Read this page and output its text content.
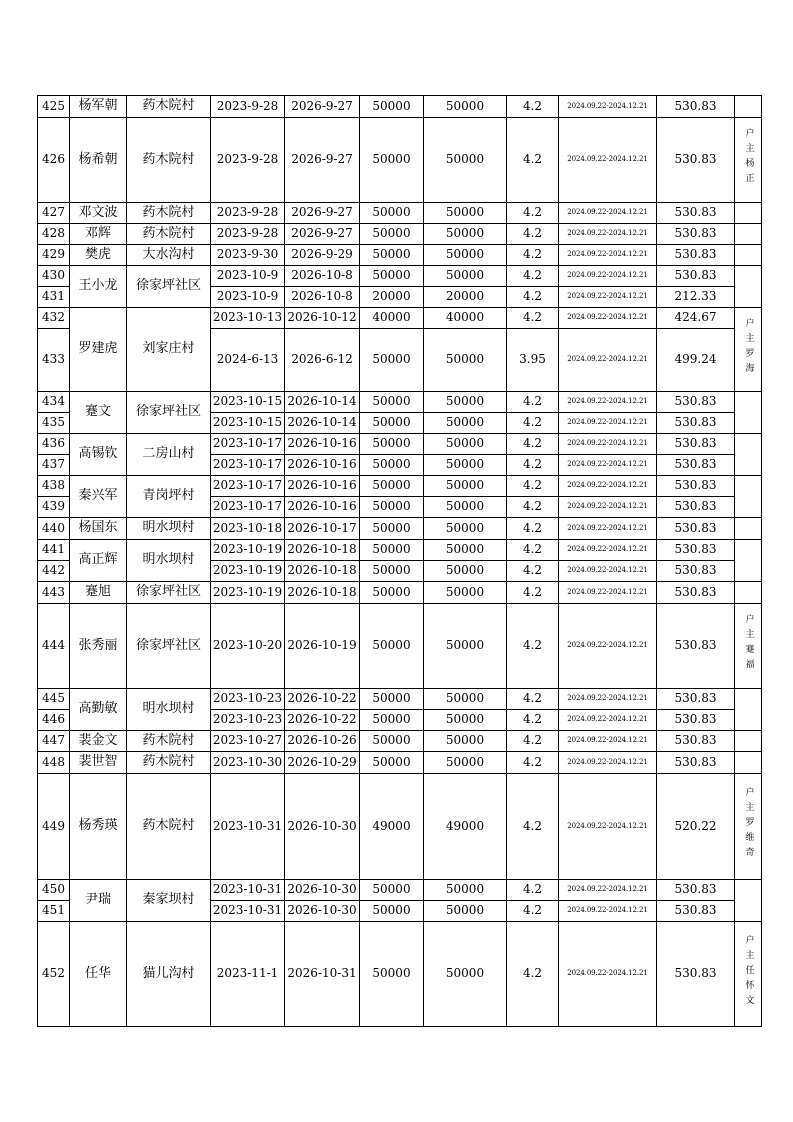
425	杨军朝	药木院村	2023-9-28	2026-9-27	50000	50000	4.2	2024.09.22-2024.12.21	530.83	
426	杨希朝	药木院村	2023-9-28	2026-9-27	50000	50000	4.2	2024.09.22-2024.12.21	530.83	户主杨正
427	邓文波	药木院村	2023-9-28	2026-9-27	50000	50000	4.2	2024.09.22-2024.12.21	530.83	
428	邓辉	药木院村	2023-9-28	2026-9-27	50000	50000	4.2	2024.09.22-2024.12.21	530.83	
429	樊虎	大水沟村	2023-9-30	2026-9-29	50000	50000	4.2	2024.09.22-2024.12.21	530.83	
430	王小龙	徐家坪社区	2023-10-9	2026-10-8	50000	50000	4.2	2024.09.22-2024.12.21	530.83	
431			2023-10-9	2026-10-8	20000	20000	4.2	2024.09.22-2024.12.21	212.33	
432	罗建虎	刘家庄村	2023-10-13	2026-10-12	40000	40000	4.2	2024.09.22-2024.12.21	424.67	户主罗海
433			2024-6-13	2026-6-12	50000	50000	3.95	2024.09.22-2024.12.21	499.24	
434	蹇文	徐家坪社区	2023-10-15	2026-10-14	50000	50000	4.2	2024.09.22-2024.12.21	530.83	
435			2023-10-15	2026-10-14	50000	50000	4.2	2024.09.22-2024.12.21	530.83	
436	高锡钦	二房山村	2023-10-17	2026-10-16	50000	50000	4.2	2024.09.22-2024.12.21	530.83	
437			2023-10-17	2026-10-16	50000	50000	4.2	2024.09.22-2024.12.21	530.83	
438	秦兴军	青岗坪村	2023-10-17	2026-10-16	50000	50000	4.2	2024.09.22-2024.12.21	530.83	
439			2023-10-17	2026-10-16	50000	50000	4.2	2024.09.22-2024.12.21	530.83	
440	杨国东	明水坝村	2023-10-18	2026-10-17	50000	50000	4.2	2024.09.22-2024.12.21	530.83	
441	高正辉	明水坝村	2023-10-19	2026-10-18	50000	50000	4.2	2024.09.22-2024.12.21	530.83	
442			2023-10-19	2026-10-18	50000	50000	4.2	2024.09.22-2024.12.21	530.83	
443	蹇旭	徐家坪社区	2023-10-19	2026-10-18	50000	50000	4.2	2024.09.22-2024.12.21	530.83	
444	张秀丽	徐家坪社区	2023-10-20	2026-10-19	50000	50000	4.2	2024.09.22-2024.12.21	530.83	户主蹇福
445	高勤敏	明水坝村	2023-10-23	2026-10-22	50000	50000	4.2	2024.09.22-2024.12.21	530.83	
446			2023-10-23	2026-10-22	50000	50000	4.2	2024.09.22-2024.12.21	530.83	
447	裴金文	药木院村	2023-10-27	2026-10-26	50000	50000	4.2	2024.09.22-2024.12.21	530.83	
448	裴世智	药木院村	2023-10-30	2026-10-29	50000	50000	4.2	2024.09.22-2024.12.21	530.83	
449	杨秀瑛	药木院村	2023-10-31	2026-10-30	49000	49000	4.2	2024.09.22-2024.12.21	520.22	户主罗维奇
450	尹瑞	秦家坝村	2023-10-31	2026-10-30	50000	50000	4.2	2024.09.22-2024.12.21	530.83	
451			2023-10-31	2026-10-30	50000	50000	4.2	2024.09.22-2024.12.21	530.83	
452	任华	猫儿沟村	2023-11-1	2026-10-31	50000	50000	4.2	2024.09.22-2024.12.21	530.83	户主任怀文
